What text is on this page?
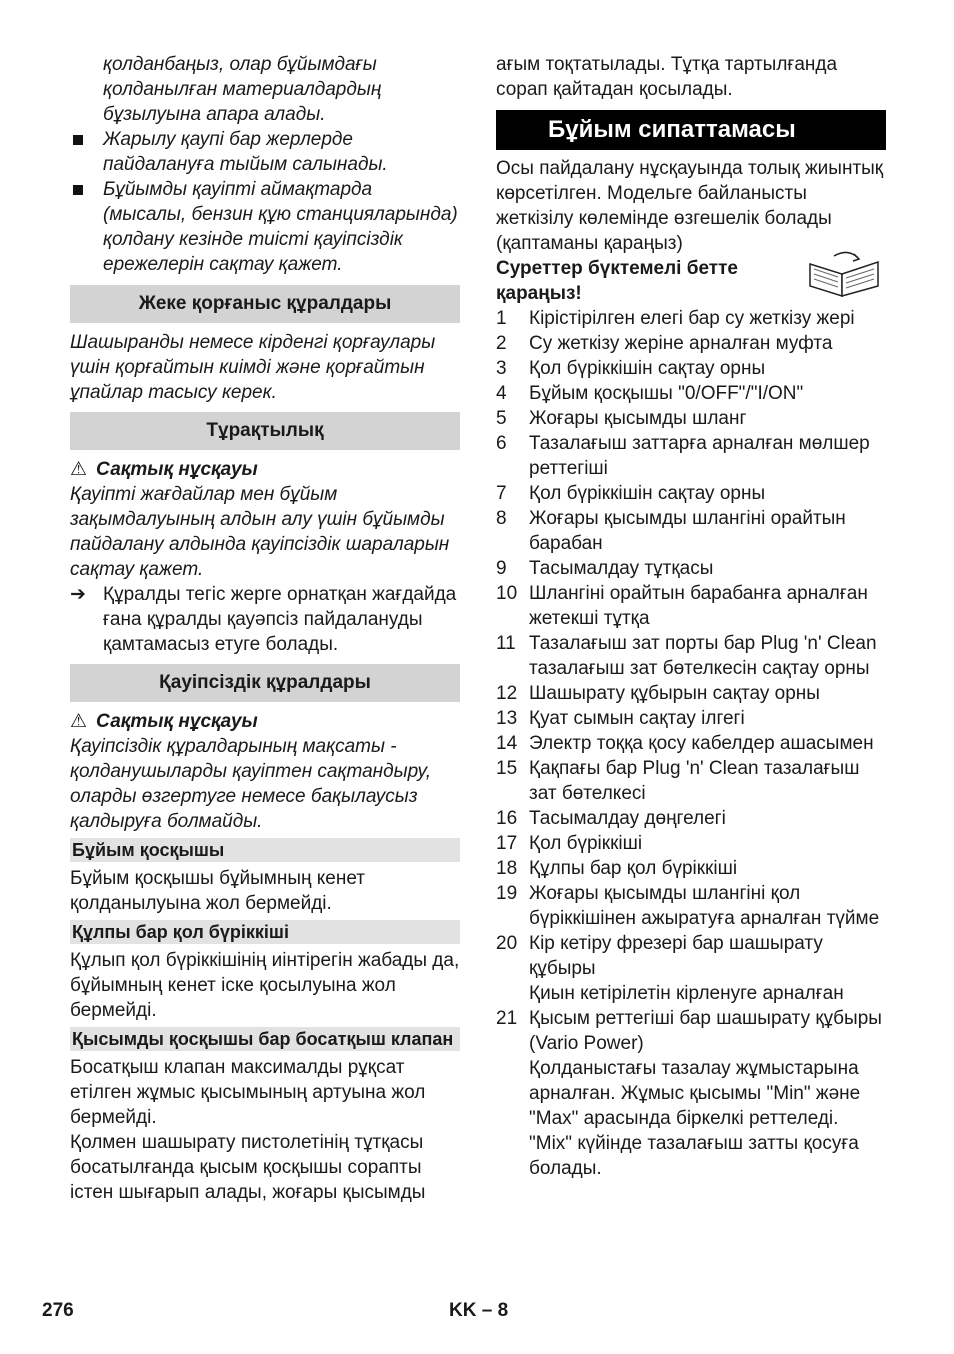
қолданбаңыз, олар бұйымдағы қолданылған материалдардың бұзылуына апара алады.

Жарылу қаупі бар жерлерде пайдалануға тыйым салынады.

Бұйымды қауіпті аймақтарда (мысалы, бензин құю станцияларында) қолдану кезінде тиісті қауіпсіздік ережелерін сақтау қажет.

Жеке қорғаныс құралдары

Шашыранды немесе кірденгі қорғаулары үшін қорғайтын киімді және қорғайтын ұпайлар тасысу керек.

Тұрақтылық

⚠ Сақтық нұсқауы

Қауіпті жағдайлар мен бұйым зақымдалуының алдын алу үшін бұйымды пайдалану алдында қауіпсіздік шараларын сақтау қажет.

➔ Құралды тегіс жерге орнатқан жағдайда ғана құралды қауәпсіз пайдалануды қамтамасыз етуге болады.

Қауіпсіздік құралдары

⚠ Сақтық нұсқауы

Қауіпсіздік құралдарының мақсаты - қолданушыларды қауіптен сақтандыру, оларды өзгертуге немесе бақылаусыз қалдыруға болмайды.

Бұйым қосқышы

Бұйым қосқышы бұйымның кенет қолданылуына жол бермейді.

Құлпы бар қол бүріккіші

Құлып қол бүріккішінің иінтірегін жабады да, бұйымның кенет іске қосылуына жол бермейді.

Қысымды қосқышы бар босатқыш клапан

Босатқыш клапан максималды рұқсат етілген жұмыс қысымының артуына жол бермейді.

Қолмен шашырату пистолетінің тұтқасы босатылғанда қысым қосқышы сорапты істен шығарып алады, жоғары қысымды

ағым тоқтатылады. Тұтқа тартылғанда сорап қайтадан қосылады.

Бұйым сипаттамасы

Осы пайдалану нұсқауында толық жиынтық көрсетілген. Модельге байланысты жеткізілу көлемінде өзгешелік болады (қаптаманы қараңыз)

Суреттер бүктемелі бетте қараңыз!

1	Кірістірілген елегі бар су жеткізу жері
2	Су жеткізу жеріне арналған муфта
3	Қол бүріккішін сақтау орны
4	Бұйым қосқышы "0/OFF"/"I/ON"
5	Жоғары қысымды шланг
6	Тазалағыш заттарға арналған мөлшер реттегіші
7	Қол бүріккішін сақтау орны
8	Жоғары қысымды шлангіні орайтын барабан
9	Тасымалдау тұтқасы
10 Шлангіні орайтын барабанға арналған жетекші тұтқа
11 Тазалағыш зат порты бар Plug 'n' Clean тазалағыш зат бөтелкесін сақтау орны
12 Шашырату құбырын сақтау орны
13 Қуат сымын сақтау ілгегі
14 Электр тоққа қосу кабелдер ашасымен
15 Қақпағы бар Plug 'n' Clean тазалағыш зат бөтелкесі
16 Тасымалдау дөңгелегі
17 Қол бүріккіші
18 Құлпы бар қол бүріккіші
19 Жоғары қысымды шлангіні қол бүріккішінен ажыратуға арналған түйме
20 Кір кетіру фрезері бар шашырату құбыры
Қиын кетірілетін кірленуге арналған
21 Қысым реттегіші бар шашырату құбыры (Vario Power)
Қолданыстағы тазалау жұмыстарына арналған. Жұмыс қысымы "Min" және "Max" арасында біркелкі реттеледі. "Mix" күйінде тазалағыш затты қосуға болады.
276	KK – 8
